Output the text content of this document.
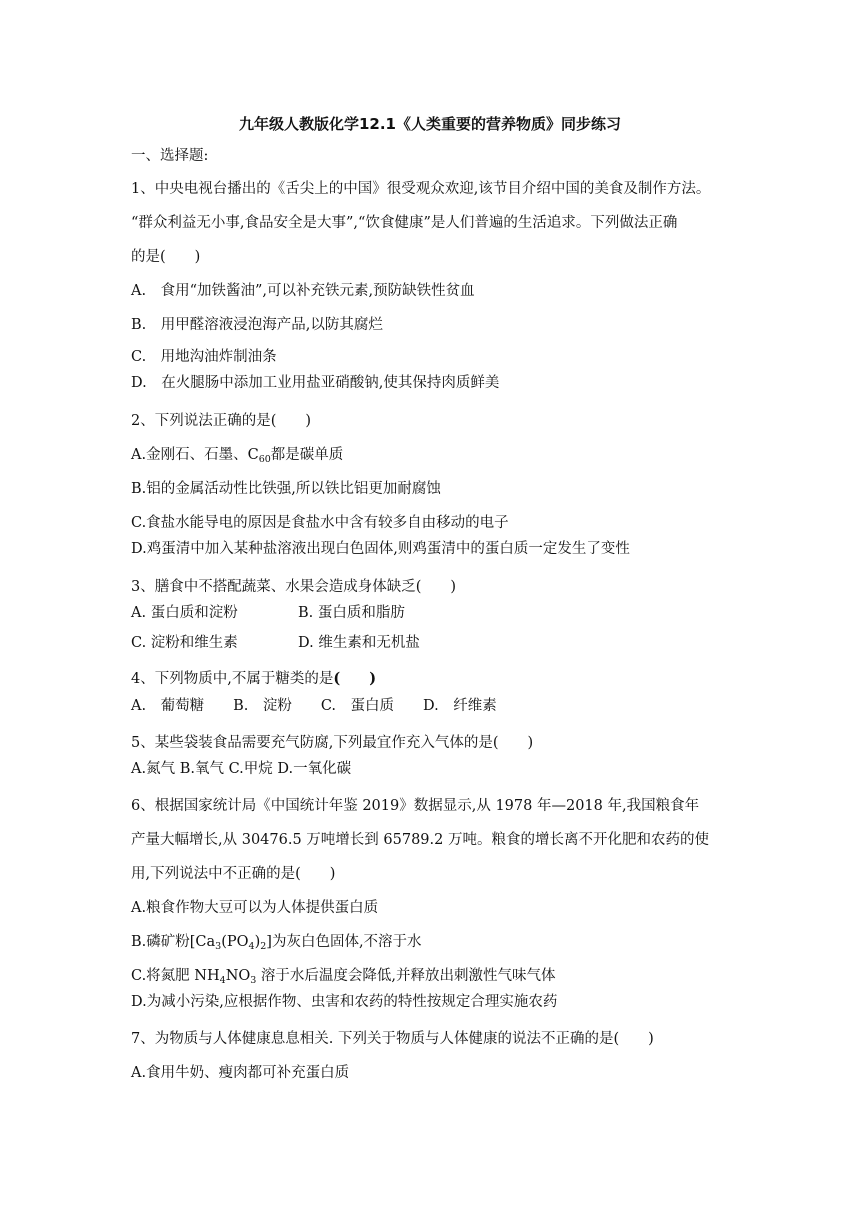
九年级人教版化学12.1《人类重要的营养物质》同步练习
一、选择题:
1、中央电视台播出的《舌尖上的中国》很受观众欢迎,该节目介绍中国的美食及制作方法。
“群众利益无小事,食品安全是大事”,“饮食健康”是人们普遍的生活追求。下列做法正确
的是(　　)
A.　食用“加铁酱油”,可以补充铁元素,预防缺铁性贫血
B.　用甲醛溶液浸泡海产品,以防其腐烂
C.　用地沟油炸制油条
D.　在火腿肠中添加工业用盐亚硝酸钠,使其保持肉质鲜美
2、下列说法正确的是(　　)
A.金刚石、石墨、$C_{60}$都是碳单质
B.铝的金属活动性比铁强,所以铁比铝更加耐腐蚀
C.食盐水能导电的原因是食盐水中含有较多自由移动的电子
D.鸡蛋清中加入某种盐溶液出现白色固体,则鸡蛋清中的蛋白质一定发生了变性
3、膳食中不搭配蔬菜、水果会造成身体缺乏(　　)
A. 蛋白质和淀粉	B. 蛋白质和脂肪
C. 淀粉和维生素	D. 维生素和无机盐
4、下列物质中,不属于糖类的是(　　)
A.　葡萄糖　　B.　淀粉　　C.　蛋白质　　D.　纤维素
5、某些袋装食品需要充气防腐,下列最宜作充入气体的是(　　)
A.氮气 B.氧气 C.甲烷 D.一氧化碳
6、根据国家统计局《中国统计年鉴 2019》数据显示,从 1978 年—2018 年,我国粮食年
产量大幅增长,从 30476.5 万吨增长到 65789.2 万吨。粮食的增长离不开化肥和农药的使
用,下列说法中不正确的是(　　)
A.粮食作物大豆可以为人体提供蛋白质
B.磷矿粉$[Ca_3(PO_4)_2]$为灰白色固体,不溶于水
C.将氮肥 $NH_4NO_3$ 溶于水后温度会降低,并释放出刺激性气味气体
D.为减小污染,应根据作物、虫害和农药的特性按规定合理实施农药
7、为物质与人体健康息息相关. 下列关于物质与人体健康的说法不正确的是(　　)
A.食用牛奶、瘦肉都可补充蛋白质
